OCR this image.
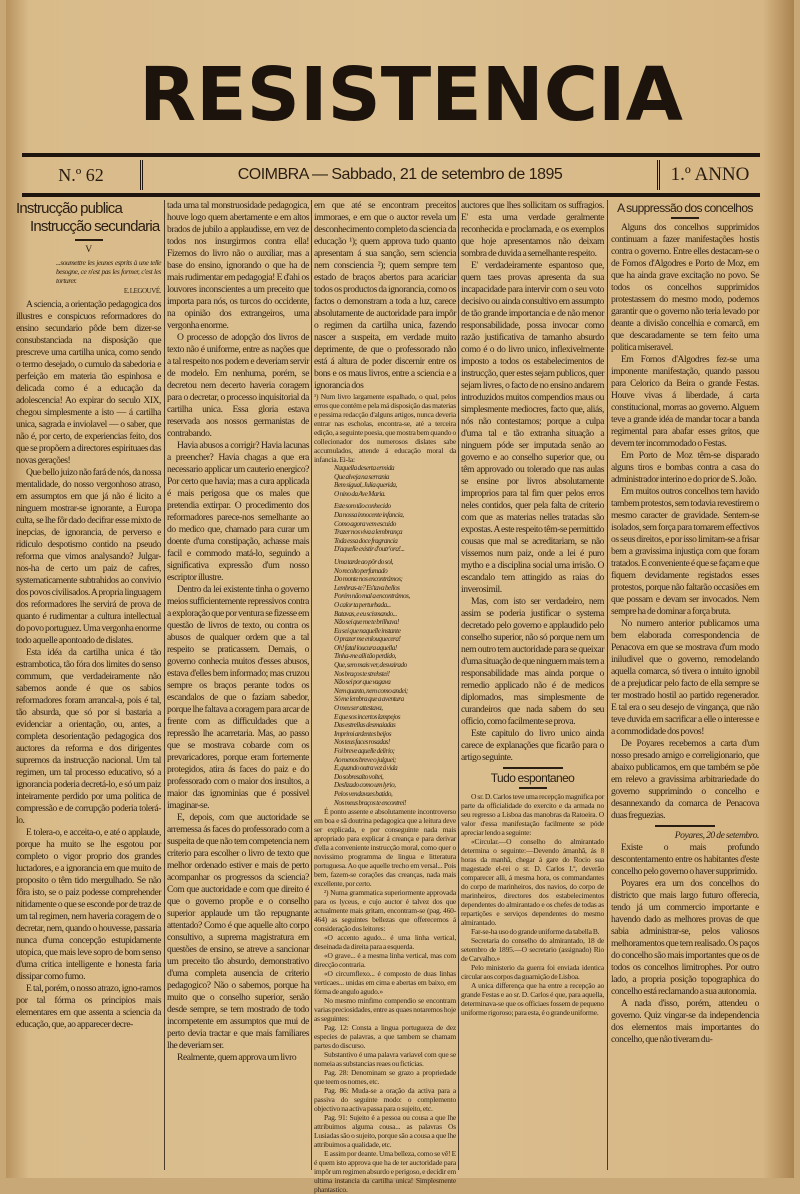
RESISTENCIA
N.º 62	COIMBRA — Sabbado, 21 de setembro de 1895	1.º ANNO
Instrucção publica
Instrucção secundaria
V
...soumettre les jeunes esprits à une telle besogne, ce n'est pas les former, c'est les torturer.
E. LEGOUVÉ.

A sciencia, a orientação pedagogica dos illustres e conspicuos reformadores do ensino secundario pôde bem dizer-se consubstanciada na disposição que prescreve uma cartilha unica, como sendo o termo desejado, o cumulo da sabedoria e perfeição em materia tão espinhosa e delicada como é a educação da adolescencia! Ao expirar do seculo XIX, chegou simplesmente a isto — á cartilha unica, sagrada e inviolavel — o saber, que não é, por certo, de experiencias feito, dos que se propõem a directores espirituaes das novas gerações!

Que bello juizo não fará de nós, da nossa mentalidade, do nosso vergonhoso atraso, em assumptos em que já não é licito a ninguem mostrar-se ignorante, a Europa culta, se lhe fôr dado decifrar esse mixto de inepcias, de ignorancia, de perverso e ridiculo despotismo contido na pseudo reforma que vimos analysando? Julgar-nos-ha de certo um paiz de cafres, systematicamente subtrahidos ao convivio dos povos civilisados. A propria linguagem dos reformadores lhe servirá de prova de quanto é rudimentar a cultura intellectual do povo portuguez. Uma vergonha enorme todo aquelle apontoado de dislates.

Esta idéa da cartilha unica é tão estrambotica, tão fóra dos limites do senso commum, que verdadeiramente não sabemos aonde é que os sabios reformadores foram arrancal-a, pois é tal, tão absurda, que só por si bastaria a evidenciar a orientação, ou, antes, a completa desorientação pedagogica dos auctores da reforma e dos dirigentes supremos da instrucção nacional. Um tal regimen, um tal processo educativo, só a ignorancia poderia decretá-lo, e só um paiz inteiramente perdido por uma politica de compressão e de corrupção poderia tolerá-lo.

E tolera-o, e acceita-o, e até o applaude, porque ha muito se lhe esgotou por completo o vigor proprio dos grandes luctadores, e a ignorancia em que muito de proposito o têm tido mergulhado. Se não fôra isto, se o paiz podesse comprehender nitidamente o que se esconde por de traz de um tal regimen, nem haveria coragem de o decretar, nem, quando o houvesse, passaria nunca d'uma concepção estupidamente utopica, que mais leve sopro de bom senso d'uma critica intelligente e honesta faria dissipar como fumo.

E tal, porém, o nosso atrazo, igno-ramos por tal fórma os principios mais elementares em que assenta a sciencia da educação, que, ao apparecer decre-

tada uma tal monstruosidade pedagogica, houve logo quem abertamente e em altos brados de jubilo a applaudisse, em vez de todos nos insurgirmos contra ella! Fizemos do livro não o auxiliar, mas a base do ensino, ignorando o que ha de mais rudimentar em pedagogia! E d'ahi os louvores inconscientes a um preceito que importa para nós, os turcos do occidente, na opinião dos extrangeiros, uma vergonha enorme.

O processo de adopção dos livros de texto não é uniforme, entre as nações que a tal respeito nos podem e deveriam servir de modelo. Em nenhuma, porém, se decretou nem decerto haveria coragem para o decretar, o processo inquisitorial da cartilha unica. Essa gloria estava reservada aos nossos germanistas de contrabando.

Havia abusos a corrigir? Havia lacunas a preencher? Havia chagas a que era necessario applicar um cauterio energico? Por certo que havia; mas a cura applicada é mais perigosa que os males que pretendia extirpar. O procedimento dos reformadores parece-nos semelhante ao do medico que, chamado para curar um doente d'uma constipação, achasse mais facil e commodo matá-lo, seguindo a significativa expressão d'um nosso escriptor illustre.

Dentro da lei existente tinha o governo meios sufficientemente repressivos contra a exploração que por ventura se fizesse em questão de livros de texto, ou contra os abusos de qualquer ordem que a tal respeito se praticassem. Demais, o governo conhecia muitos d'esses abusos, estava d'elles bem informado; mas cruzou sempre os braços perante todos os escandalos de que o faziam sabedor, porque lhe faltava a coragem para arcar de frente com as difficuldades que a repressão lhe acarretaria. Mas, ao passo que se mostrava cobarde com os prevaricadores, porque eram fortemente protegidos, atira ás faces do paiz e do professorado com o maior dos insultos, a maior das ignominias que é possivel imaginar-se.

E, depois, com que auctoridade se arremessa ás faces do professorado com a suspeita de que não tem competencia nem criterio para escolher o livro de texto que melhor ordenado estiver e mais de perto acompanhar os progressos da sciencia? Com que auctoridade e com que direito é que o governo propõe e o conselho superior applaude um tão repugnante attentado? Como é que aquelle alto corpo consultivo, a suprema magistratura em questões de ensino, se atreve a sancionar um preceito tão absurdo, demonstrativo d'uma completa ausencia de criterio pedagogico? Não o sabemos, porque ha muito que o conselho superior, senão desde sempre, se tem mostrado de todo incompetente em assumptos que mui de perto devia tractar e que mais familiares lhe deveriam ser.

Realmente, quem approva um livro

em que até se encontram preceitos immoraes, e em que o auctor revela um desconhecimento completo da sciencia da educação ¹); quem approva tudo quanto apresentam á sua sanção, sem sciencia nem consciencia ²); quem sempre tem estado de braços abertos para acariciar todos os productos da ignorancia, como os factos o demonstram a toda a luz, carece absolutamente de auctoridade para impôr o regimen da cartilha unica, fazendo nascer a suspeita, em verdade muito deprimente, de que o professorado não está á altura de poder discernir entre os bons e os maus livros, entre a sciencia e a ignorancia dos

¹) Num livro largamente espalhado, o qual, pelos erros que contém e pela má disposição das materias e pessima redacção d'alguns artigos, nunca deveria entrar nas escholas, encontra-se, até a terceira edição, a seguinte poesia, que mostra bem quando o collecionador dos numerosos dislates sabe accumulados, attende á educação moral da infancia. Ei-la:
Naquella deserta ermida
Que alveja na serrania
Bem sigual, Julia querida,
O nino da Ave Maria.
Este som tão conhecido
Da nossa innocente infancia,
Como agora vem escuido
Trazer nos viva a lembrança
Toda essa doce fragrancia
D'aquelle existir d'outr'ora!...
Uma tarde ao pôr do sol,
No recolto perfumado
Do monte nos encontrámos;
Lembras-te? Es'tava bellos
Porém não mal a encontrámos,
O calor ta perturbada...
Batavas, e eu scismando...
Não sei que me te brilhava!
Eu sei que naquelle instante
O prazer me enlouquecera!
Oh! fatal loucura aquella!
Tinha-me alli tão perdido,
Que, sem mais ver, desvairado
Nos braços te strehstei!
Não sei por que vagava
Nem quanto, nem como andei;
Só me lembra que a aventura
O meu ser attestava,
E que sos incertos lampejos
Das estrellas desmaiadas
Imprimi ardentes beijos
Nos teus faces rosadas!
Foi breve aquelle delirio;
Ao menos breve o julguei;
E, quando outra vez á vida
Do sobresalto voltei,
Deslizado como um lyrio,
Pelos vendavaes batido,
Nos meus braços te encontrei!
É ponto assente e absolutamente incontroverso em boa e sã doutrina pedagogica que a leitura deve ser explicada, e por conseguinte nada mais apropriado para explicar á creança e para derivar d'ella a conveniente instrucção moral, como quer o novissimo programma de lingua e litteratura portuguesa. Ao que aquelle trecho em versal... Pois bem, fazem-se corações das creanças, nada mais excellente, por certo.
²) Numa grammatica superiormente approvada para os lyceus, e cujo auctor é talvez dos que actualmente mais gritam, encontram-se (pag. 460-464) as seguintes bellezas que offerecemos á consideração dos leitores:
«O accento agudo... é uma linha vertical, deseinada da direita para a esquerda.
«O grave... é a mesma linha vertical, mas com direcção contraria.
«O circumflexo... é composto de duas linhas verticaes... unidas em cima e abertas em baixo, em fórma de angulo agudo.»
No mesmo minfimo compendio se encontram varias preciosidades, entre as quaes notaremos hoje as seguintes:
Pag. 12: Consta a lingua portugueza de dez especies de palavras, a que tambem se chamam partes do discurso.
Substantivo é uma palavra variavel com que se nomeia as substancias reaes ou fictícias.
Pag. 28: Denominam se grazo a propriedade que teem os nomes, etc.
Pag. 86: Muda-se a oração da activa para a passiva do seguinte modo: o complemento objectivo na activa passa para o sujeito, etc.
Pag. 91: Sujeito é a pessoa ou cousa a que lhe attribuimos alguma cousa... as palavras Os Lusiadas são o sujeito, porque são a cousa a que lhe attribuimos a qualidade, etc.
E assim por deante. Uma belleza, como se vê! E é quem isto approva que ha de ter auctoridade para impôr um regimen absurdo e perigoso, e decidir em ultima instancia da cartilha unica! Simplesmente phantastico.

auctores que lhes sollicitam os suffragios. E' esta uma verdade geralmente reconhecida e proclamada, e os exemplos que hoje apresentamos não deixam sombra de duvida a semelhante respeito.

E' verdadeiramente espantoso que, quem taes provas apresenta da sua incapacidade para intervir com o seu voto decisivo ou ainda consultivo em assumpto de tão grande importancia e de não menor responsabilidade, possa invocar como razão justificativa de tamanho absurdo como é o do livro unico, inflexivelmente imposto a todos os estabelecimentos de instrucção, quer estes sejam publicos, quer sejam livres, o facto de no ensino andarem introduzidos muitos compendios maus ou simplesmente mediocres, facto que, aliás, nós não contestamos; porque a culpa d'uma tal e tão extranha situação a ninguem póde ser imputada senão ao governo e ao conselho superior que, ou têm approvado ou tolerado que nas aulas se ensine por livros absolutamente improprios para tal fim quer pelos erros neles contidos, quer pela falta de criterio com que as materias nelles tratadas são expostas. A este respeito têm-se permittido cousas que mal se acreditariam, se não vissemos num paiz, onde a lei é puro mytho e a disciplina social uma irrisão. O escandalo tem attingido as raias do inverosimil.

Mas, com isto ser verdadeiro, nem assim se poderia justificar o systema decretado pelo governo e applaudido pelo conselho superior, não só porque nem um nem outro tem auctoridade para se queixar d'uma situação de que ninguem mais tem a responsabilidade mas ainda porque o remedio applicado não é de medicos diplomados, mas simplesmente de curandeiros que nada sabem do seu officio, como facilmente se prova.

Este capitulo do livro unico ainda carece de explanações que ficarão para o artigo seguinte.

Tudo espontaneo
O sr. D. Carlos teve uma recepção magnifica por parte da officialidade do exercito e da armada no seu regresso a Lisboa das manobras da Ratoeira. O valor d'essa manifestação facilmente se póde apreciar lendo a seguinte:
«Circular.—O conselho do almirantado determina o seguinte:—Devendo ámanhã, ás 8 horas da manhã, chegar á gare do Rocio sua magestade el-rei o sr. D. Carlos I.º, deverão comparecer alli, á mesma hora, os commandantes do corpo de marinheiros, dos navios, do corpo de marinheiros, directores dos estabelecimentos dependentes do almirantado e os chefes de todas as repartições e serviços dependentes do mesmo almirantado.
Far-se-ha uso do grande uniforme da tabella B.
Secretaria do conselho do almirantado, 18 de setembro de 1895.—O secretario (assignado) Rio de Carvalho.»
Pelo ministerio da guerra foi enviada identica circular aos corpos da guarnição de Lisboa.
A unica differença que ha entre a recepção ao grande Festas e ao sr. D. Carlos é que, para aquella, determinava-se que os officiaes fossem de pequeno uniforme rigoroso; para esta, é o grande uniforme.
A suppressão dos concelhos

Alguns dos concelhos supprimidos continuam a fazer manifestações hostis contra o governo. Entre elles destacam-se o de Fornos d'Algodres e Porto de Moz, em que ha ainda grave excitação no povo. Se todos os concelhos supprimidos protestassem do mesmo modo, podemos garantir que o governo não teria levado por deante a divisão concelhia e comarcã, em que descaradamente se tem feito uma politica miseravel.

Em Fornos d'Algodres fez-se uma imponente manifestação, quando passou para Celorico da Beira o grande Festas. Houve vivas á liberdade, á carta constitucional, morras ao governo. Alguem teve a grande idéa de mandar tocar a banda regimental para abafar esses gritos, que devem ter incommodado o Festas.

Em Porto de Moz têm-se disparado alguns tiros e bombas contra a casa do administrador interino e do prior de S. João.

Em muitos outros concelhos tem havido tambem protestos, sem todavia revestirem o mesmo caracter de gravidade. Sentem-se isolados, sem força para tornarem effectivos os seus direitos, e por isso limitam-se a frisar bem a gravissima injustiça com que foram tratados. E conveniente é que se façam e que fiquem devidamente registados esses protestos, porque não faltarão occasiões em que possam e devam ser invocados. Nem sempre ha de dominar a força bruta.

No numero anterior publicamos uma bem elaborada correspondencia de Penacova em que se mostrava d'um modo iniludivel que o governo, remodelando aquella comarca, só tivera o intuito ignobil de a prejudicar pelo facto de ella sempre se ter mostrado hostil ao partido regenerador. E tal era o seu desejo de vingança, que não teve duvida em sacrificar a elle o interesse e a commodidade dos povos!

De Poyares recebemos a carta d'um nosso presado amigo e correligionario, que abaixo publicamos, em que também se põe em relevo a gravissima arbitrariedade do governo supprimindo o concelho e desannexando da comarca de Penacova duas freguezias.

Poyares, 20 de setembro.

Existe o mais profundo descontentamento entre os habitantes d'este concelho pelo governo o haver supprimido.

Poyares era um dos concelhos do districto que mais largo futuro offerecia, tendo já um commercio importante e havendo dado as melhores provas de que sabia administrar-se, pelos valiosos melhoramentos que tem realisado. Os paços do concelho são mais importantes que os de todos os concelhos limitrophes. Por outro lado, a propria posição topographica do concelho está reclamando a sua autonomia.

A nada d'isso, porém, attendeu o governo. Quiz vingar-se da independencia dos elementos mais importantes do concelho, que não tiveram du-
